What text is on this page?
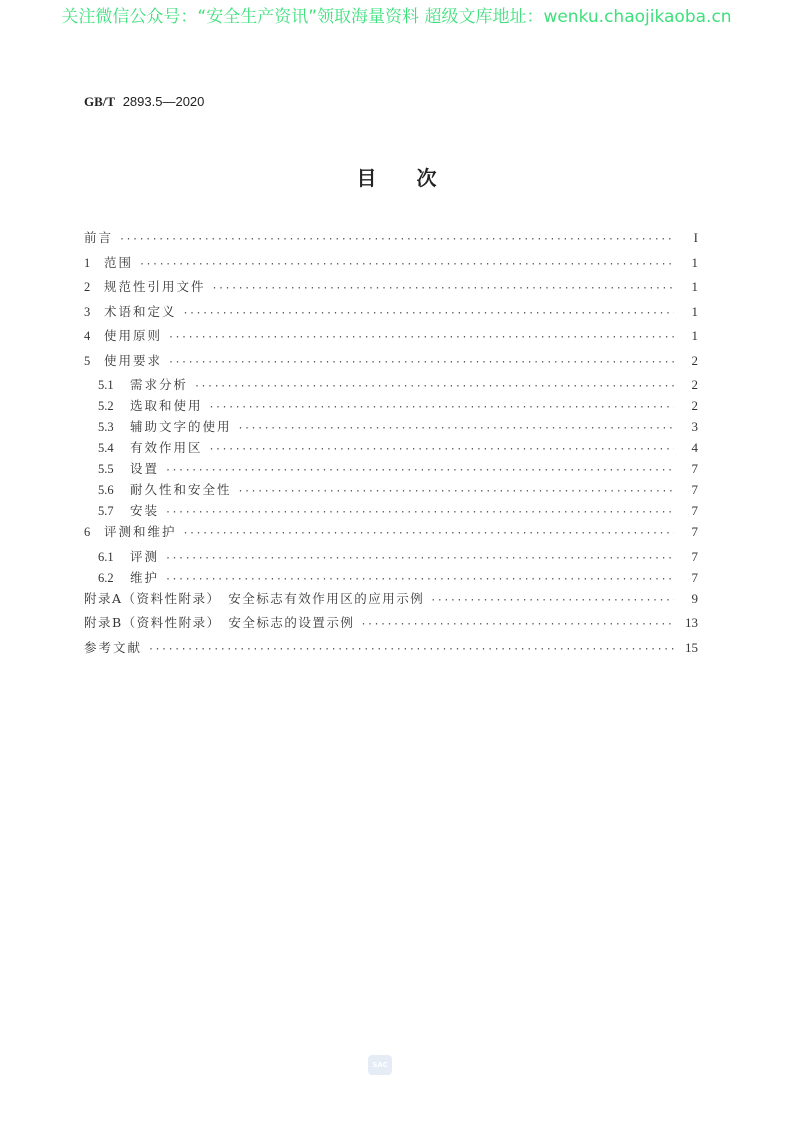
关注微信公众号：“安全生产资讯”领取海量资料 超级文库地址：wenku.chaojikaoba.cn
GB/T 2893.5—2020
目 次
前言 ·····	I
1	范围 ·····	1
2	规范性引用文件 ·····	1
3	术语和定义 ·····	1
4	使用原则 ·····	1
5	使用要求 ·····	2
5.1	需求分析 ·····	2
5.2	选取和使用 ·····	2
5.3	辅助文字的使用 ·····	3
5.4	有效作用区 ·····	4
5.5	设置 ·····	7
5.6	耐久性和安全性 ·····	7
5.7	安装 ·····	7
6	评测和维护 ·····	7
6.1	评测 ·····	7
6.2	维护 ·····	7
附录A（资料性附录）　安全标志有效作用区的应用示例 ·····	9
附录B（资料性附录）　安全标志的设置示例 ·····	13
参考文献 ·····	15
SAC
